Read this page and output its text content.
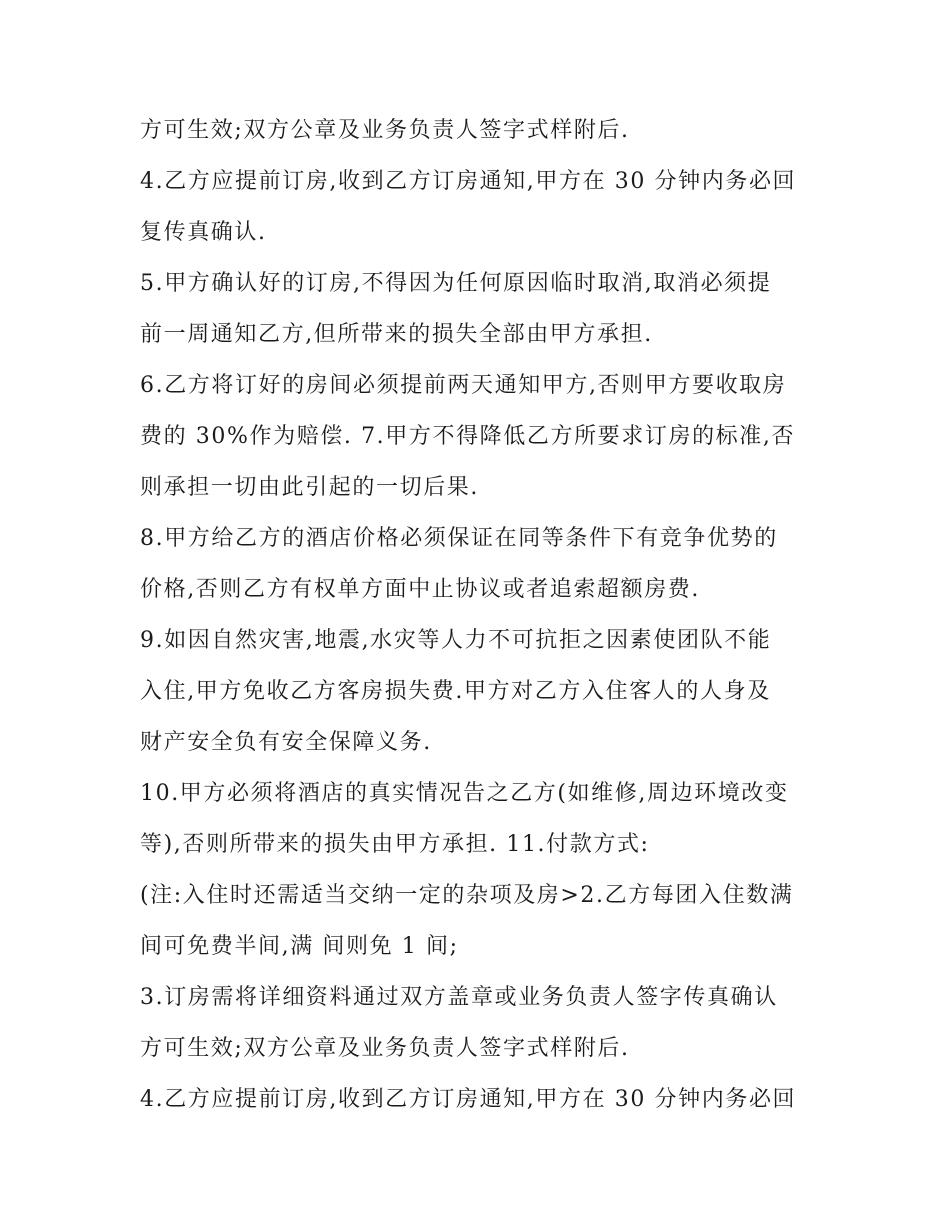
方可生效;双方公章及业务负责人签字式样附后.
4.乙方应提前订房,收到乙方订房通知,甲方在 30 分钟内务必回
复传真确认.
5.甲方确认好的订房,不得因为任何原因临时取消,取消必须提
前一周通知乙方,但所带来的损失全部由甲方承担.
6.乙方将订好的房间必须提前两天通知甲方,否则甲方要收取房
费的 30%作为赔偿. 7.甲方不得降低乙方所要求订房的标准,否
则承担一切由此引起的一切后果.
8.甲方给乙方的酒店价格必须保证在同等条件下有竞争优势的
价格,否则乙方有权单方面中止协议或者追索超额房费.
9.如因自然灾害,地震,水灾等人力不可抗拒之因素使团队不能
入住,甲方免收乙方客房损失费.甲方对乙方入住客人的人身及
财产安全负有安全保障义务.
10.甲方必须将酒店的真实情况告之乙方(如维修,周边环境改变
等),否则所带来的损失由甲方承担. 11.付款方式:
(注:入住时还需适当交纳一定的杂项及房>2.乙方每团入住数满
间可免费半间,满 间则免 1 间;
3.订房需将详细资料通过双方盖章或业务负责人签字传真确认
方可生效;双方公章及业务负责人签字式样附后.
4.乙方应提前订房,收到乙方订房通知,甲方在 30 分钟内务必回
